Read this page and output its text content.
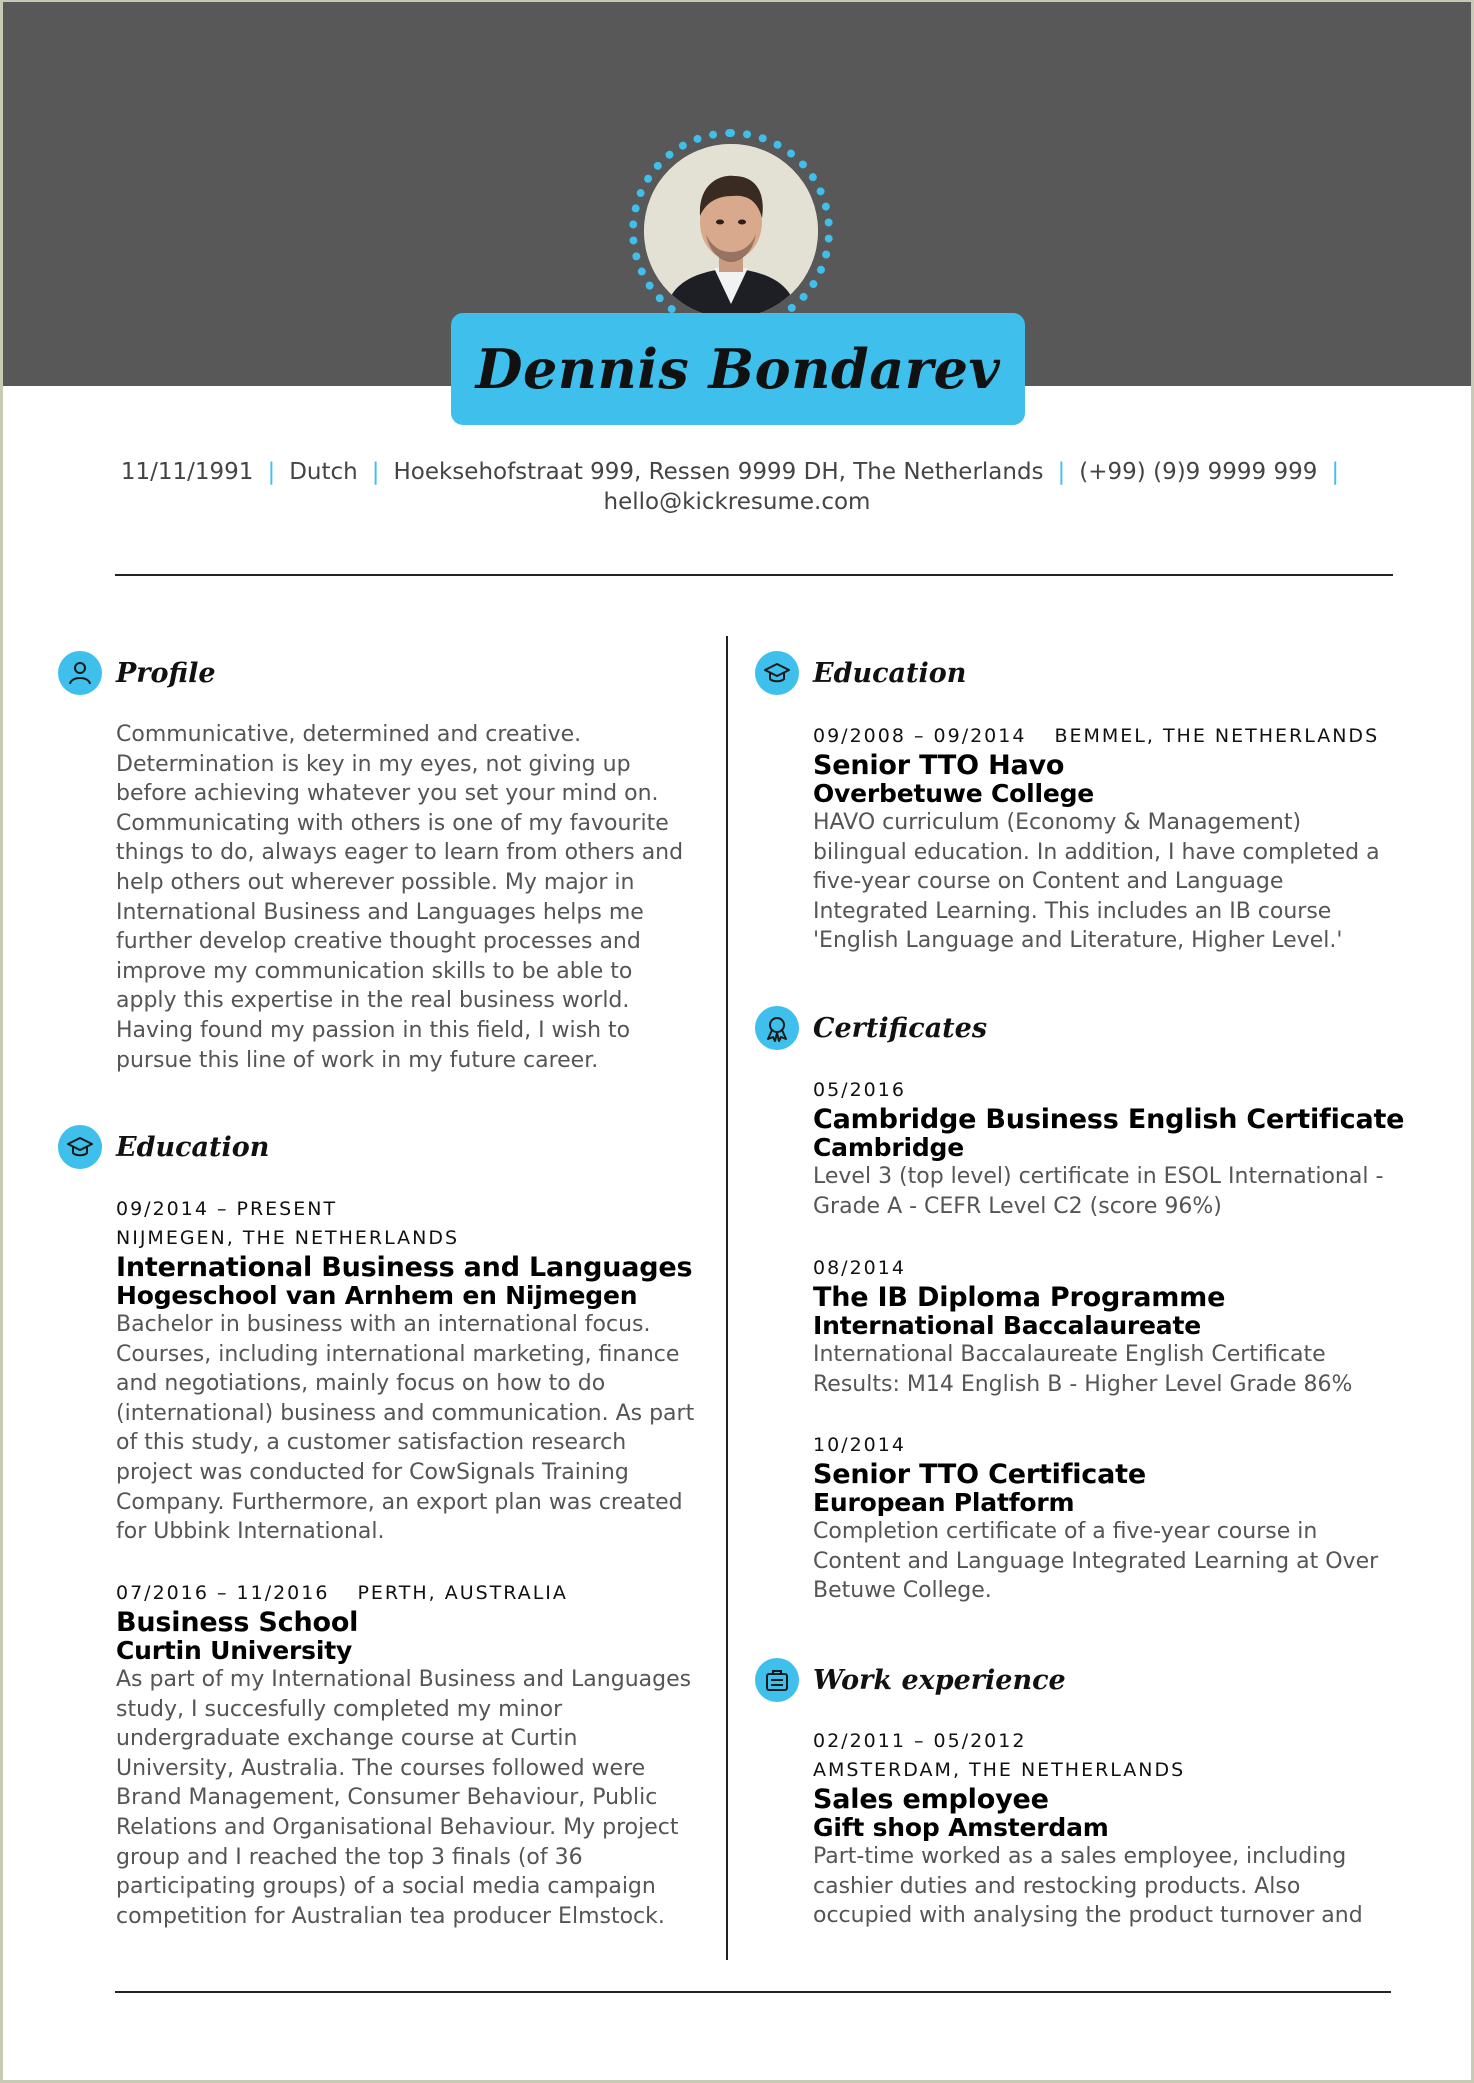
Dennis Bondarev
11/11/1991 | Dutch | Hoeksehofstraat 999, Ressen 9999 DH, The Netherlands | (+99) (9)9 9999 999 |
hello@kickresume.com
Profile

Communicative, determined and creative. Determination is key in my eyes, not giving up before achieving whatever you set your mind on. Communicating with others is one of my favourite things to do, always eager to learn from others and help others out wherever possible. My major in International Business and Languages helps me further develop creative thought processes and improve my communication skills to be able to apply this expertise in the real business world. Having found my passion in this field, I wish to pursue this line of work in my future career.

Education
09/2014 – PRESENT
NIJMEGEN, THE NETHERLANDS
International Business and Languages
Hogeschool van Arnhem en Nijmegen

Bachelor in business with an international focus. Courses, including international marketing, finance and negotiations, mainly focus on how to do (international) business and communication. As part of this study, a customer satisfaction research project was conducted for CowSignals Training Company. Furthermore, an export plan was created for Ubbink International.

07/2016 – 11/2016 PERTH, AUSTRALIA
Business School
Curtin University

As part of my International Business and Languages study, I succesfully completed my minor undergraduate exchange course at Curtin University, Australia. The courses followed were Brand Management, Consumer Behaviour, Public Relations and Organisational Behaviour. My project group and I reached the top 3 finals (of 36 participating groups) of a social media campaign competition for Australian tea producer Elmstock.

Education
09/2008 – 09/2014 BEMMEL, THE NETHERLANDS
Senior TTO Havo
Overbetuwe College

HAVO curriculum (Economy & Management) bilingual education. In addition, I have completed a five-year course on Content and Language Integrated Learning. This includes an IB course 'English Language and Literature, Higher Level.'

Certificates
05/2016
Cambridge Business English Certificate
Cambridge

Level 3 (top level) certificate in ESOL International - Grade A - CEFR Level C2 (score 96%)

08/2014
The IB Diploma Programme
International Baccalaureate

International Baccalaureate English Certificate Results: M14 English B - Higher Level Grade 86%

10/2014
Senior TTO Certificate
European Platform

Completion certificate of a five-year course in Content and Language Integrated Learning at Over Betuwe College.

Work experience
02/2011 – 05/2012
AMSTERDAM, THE NETHERLANDS
Sales employee
Gift shop Amsterdam

Part-time worked as a sales employee, including cashier duties and restocking products. Also occupied with analysing the product turnover and
